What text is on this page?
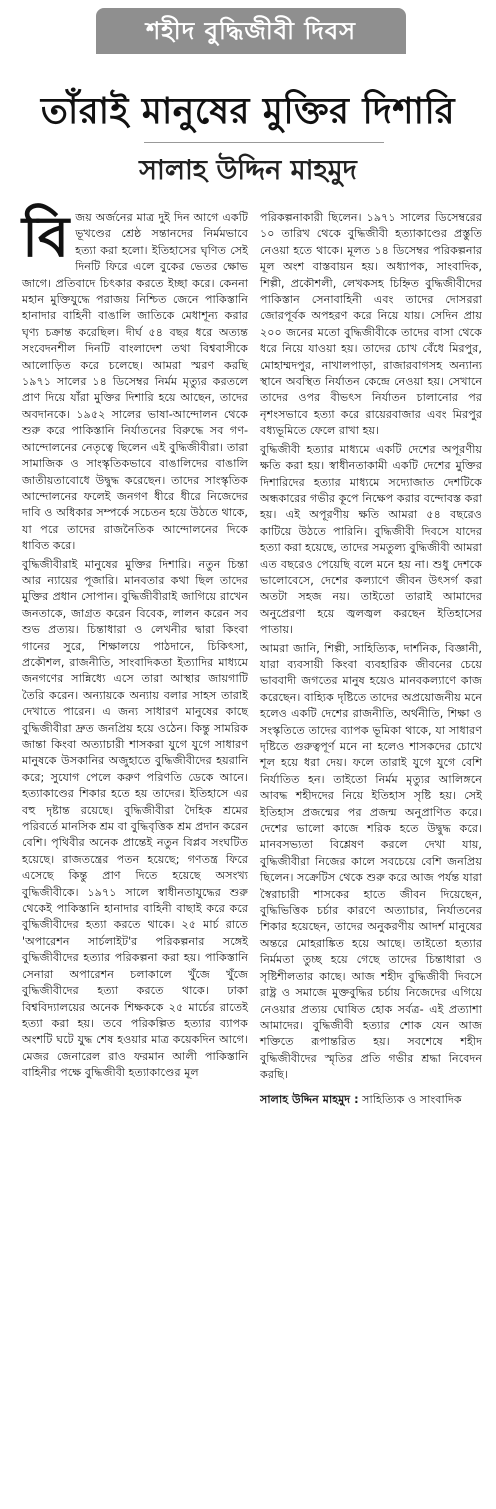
শহীদ বুদ্ধিজীবী দিবস
তাঁরাই মানুষের মুক্তির দিশারি
সালাহ উদ্দিন মাহমুদ

বিজয় অর্জনের মাত্র দুই দিন আগে একটি ভূখণ্ডের শ্রেষ্ঠ সন্তানদের নির্মমভাবে হত্যা করা হলো। ইতিহাসের ঘৃণিত সেই দিনটি ফিরে এলে বুকের ভেতর ক্ষোভ জাগে। প্রতিবাদে চিৎকার করতে ইচ্ছা করে। কেননা মহান মুক্তিযুদ্ধে পরাজয় নিশ্চিত জেনে পাকিস্তানি হানাদার বাহিনী বাঙালি জাতিকে মেধাশূন্য করার ঘৃণ্য চক্রান্ত করেছিল। দীর্ঘ ৫৪ বছর ধরে অত্যন্ত সংবেদনশীল দিনটি বাংলাদেশ তথা বিশ্ববাসীকে আলোড়িত করে চলেছে। আমরা স্মরণ করছি ১৯৭১ সালের ১৪ ডিসেম্বর নির্মম মৃত্যুর করতলে প্রাণ দিয়ে যাঁরা মুক্তির দিশারি হয়ে আছেন, তাদের অবদানকে। ১৯৫২ সালের ভাষা-আন্দোলন থেকে শুরু করে পাকিস্তানি নির্যাতনের বিরুদ্ধে সব গণ-আন্দোলনের নেতৃত্বে ছিলেন এই বুদ্ধিজীবীরা। তারা সামাজিক ও সাংস্কৃতিকভাবে বাঙালিদের বাঙালি জাতীয়তাবোধে উদ্বুদ্ধ করেছেন। তাদের সাংস্কৃতিক আন্দোলনের ফলেই জনগণ ধীরে ধীরে নিজেদের দাবি ও অধিকার সম্পর্কে সচেতন হয়ে উঠতে থাকে, যা পরে তাদের রাজনৈতিক আন্দোলনের দিকে ধাবিত করে।

বুদ্ধিজীবীরাই মানুষের মুক্তির দিশারি। নতুন চিন্তা আর ন্যায়ের পূজারি। মানবতার কথা ছিল তাদের মুক্তির প্রধান সোপান। বুদ্ধিজীবীরাই জাগিয়ে রাখেন জনতাকে, জাগ্রত করেন বিবেক, লালন করেন সব শুভ প্রত্যয়। চিন্তাধারা ও লেখনীর দ্বারা কিংবা গানের সুরে, শিক্ষালয়ে পাঠদানে, চিকিৎসা, প্রকৌশল, রাজনীতি, সাংবাদিকতা ইত্যাদির মাধ্যমে জনগণের সান্নিধ্যে এসে তারা আস্থার জায়গাটি তৈরি করেন। অন্যায়কে অন্যায় বলার সাহস তারাই দেখাতে পারেন। এ জন্য সাধারণ মানুষের কাছে বুদ্ধিজীবীরা দ্রুত জনপ্রিয় হয়ে ওঠেন। কিন্তু সামরিক জান্তা কিংবা অত্যাচারী শাসকরা যুগে যুগে সাধারণ মানুষকে উসকানির অজুহাতে বুদ্ধিজীবীদের হয়রানি করে; সুযোগ পেলে করুণ পরিণতি ডেকে আনে। হত্যাকাণ্ডের শিকার হতে হয় তাদের। ইতিহাসে এর বহু দৃষ্টান্ত রয়েছে। বুদ্ধিজীবীরা দৈহিক শ্রমের পরিবর্তে মানসিক শ্রম বা বুদ্ধিবৃত্তিক শ্রম প্রদান করেন বেশি। পৃথিবীর অনেক প্রান্তেই নতুন বিপ্লব সংঘটিত হয়েছে। রাজতন্ত্রের পতন হয়েছে; গণতন্ত্র ফিরে এসেছে কিন্তু প্রাণ দিতে হয়েছে অসংখ্য বুদ্ধিজীবীকে। ১৯৭১ সালে স্বাধীনতাযুদ্ধের শুরু থেকেই পাকিস্তানি হানাদার বাহিনী বাছাই করে করে বুদ্ধিজীবীদের হত্যা করতে থাকে। ২৫ মার্চ রাতে 'অপারেশন সার্চলাইট'র পরিকল্পনার সঙ্গেই বুদ্ধিজীবীদের হত্যার পরিকল্পনা করা হয়। পাকিস্তানি সেনারা অপারেশন চলাকালে খুঁজে খুঁজে বুদ্ধিজীবীদের হত্যা করতে থাকে। ঢাকা বিশ্ববিদ্যালয়ের অনেক শিক্ষককে ২৫ মার্চের রাতেই হত্যা করা হয়। তবে পরিকল্পিত হত্যার ব্যাপক অংশটি ঘটে যুদ্ধ শেষ হওয়ার মাত্র কয়েকদিন আগে। মেজর জেনারেল রাও ফরমান আলী পাকিস্তানি বাহিনীর পক্ষে বুদ্ধিজীবী হত্যাকাণ্ডের মূল

পরিকল্পনাকারী ছিলেন। ১৯৭১ সালের ডিসেম্বরের ১০ তারিখ থেকে বুদ্ধিজীবী হত্যাকাণ্ডের প্রস্তুতি নেওয়া হতে থাকে। মূলত ১৪ ডিসেম্বর পরিকল্পনার মূল অংশ বাস্তবায়ন হয়। অধ্যাপক, সাংবাদিক, শিল্পী, প্রকৌশলী, লেখকসহ চিহ্নিত বুদ্ধিজীবীদের পাকিস্তান সেনাবাহিনী এবং তাদের দোসররা জোরপূর্বক অপহরণ করে নিয়ে যায়। সেদিন প্রায় ২০০ জনের মতো বুদ্ধিজীবীকে তাদের বাসা থেকে ধরে নিয়ে যাওয়া হয়। তাদের চোখ বেঁধে মিরপুর, মোহাম্মদপুর, নাখালপাড়া, রাজারবাগসহ অন্যান্য স্থানে অবস্থিত নির্যাতন কেন্দ্রে নেওয়া হয়। সেখানে তাদের ওপর বীভৎস নির্যাতন চালানোর পর নৃশংসভাবে হত্যা করে রায়েরবাজার এবং মিরপুর বধ্যভূমিতে ফেলে রাখা হয়।

বুদ্ধিজীবী হত্যার মাধ্যমে একটি দেশের অপূরণীয় ক্ষতি করা হয়। স্বাধীনতাকামী একটি দেশের মুক্তির দিশারিদের হত্যার মাধ্যমে সদ্যোজাত দেশটিকে অন্ধকারের গভীর কূপে নিক্ষেপ করার বন্দোবস্ত করা হয়। এই অপূরণীয় ক্ষতি আমরা ৫৪ বছরেও কাটিয়ে উঠতে পারিনি। বুদ্ধিজীবী দিবসে যাদের হত্যা করা হয়েছে, তাদের সমতুল্য বুদ্ধিজীবী আমরা এত বছরেও পেয়েছি বলে মনে হয় না। শুধু দেশকে ভালোবেসে, দেশের কল্যাণে জীবন উৎসর্গ করা অতটা সহজ নয়। তাইতো তারাই আমাদের অনুপ্রেরণা হয়ে জ্বলজ্বল করছেন ইতিহাসের পাতায়।

আমরা জানি, শিল্পী, সাহিত্যিক, দার্শনিক, বিজ্ঞানী, যারা ব্যবসায়ী কিংবা ব্যবহারিক জীবনের চেয়ে ভাববাদী জগতের মানুষ হয়েও মানবকল্যাণে কাজ করেছেন। বাহ্যিক দৃষ্টিতে তাদের অপ্রয়োজনীয় মনে হলেও একটি দেশের রাজনীতি, অর্থনীতি, শিক্ষা ও সংস্কৃতিতে তাদের ব্যাপক ভূমিকা থাকে, যা সাধারণ দৃষ্টিতে গুরুত্বপূর্ণ মনে না হলেও শাসকদের চোখে শূল হয়ে ধরা দেয়। ফলে তারাই যুগে যুগে বেশি নির্যাতিত হন। তাইতো নির্মম মৃত্যুর আলিঙ্গনে আবদ্ধ শহীদদের নিয়ে ইতিহাস সৃষ্টি হয়। সেই ইতিহাস প্রজন্মের পর প্রজন্ম অনুপ্রাণিত করে। দেশের ভালো কাজে শরিক হতে উদ্বুদ্ধ করে। মানবসভ্যতা বিশ্লেষণ করলে দেখা যায়, বুদ্ধিজীবীরা নিজের কালে সবচেয়ে বেশি জনপ্রিয় ছিলেন। সক্রেটিস থেকে শুরু করে আজ পর্যন্ত যারা স্বৈরাচারী শাসকের হাতে জীবন দিয়েছেন, বুদ্ধিভিত্তিক চর্চার কারণে অত্যাচার, নির্যাতনের শিকার হয়েছেন, তাদের অনুকরণীয় আদর্শ মানুষের অন্তরে মোহরাঙ্কিত হয়ে আছে। তাইতো হত্যার নির্মমতা তুচ্ছ হয়ে গেছে তাদের চিন্তাধারা ও সৃষ্টিশীলতার কাছে। আজ শহীদ বুদ্ধিজীবী দিবসে রাষ্ট্র ও সমাজে মুক্তবুদ্ধির চর্চায় নিজেদের এগিয়ে নেওয়ার প্রত্যয় ঘোষিত হোক সর্বত্র- এই প্রত্যাশা আমাদের। বুদ্ধিজীবী হত্যার শোক যেন আজ শক্তিতে রূপান্তরিত হয়। সবশেষে শহীদ বুদ্ধিজীবীদের স্মৃতির প্রতি গভীর শ্রদ্ধা নিবেদন করছি।

সালাহ উদ্দিন মাহমুদ : সাহিত্যিক ও সাংবাদিক
